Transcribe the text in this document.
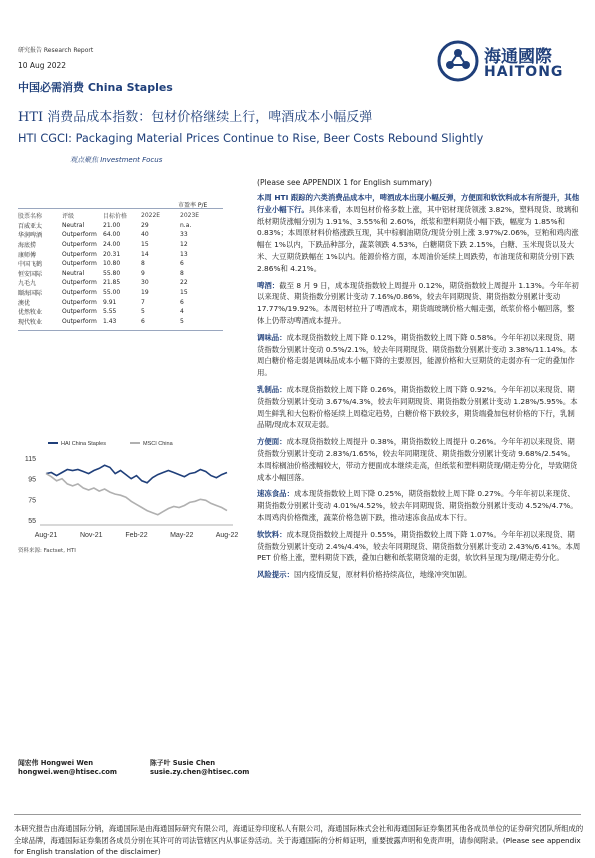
研究报告 Research Report
10 Aug 2022
中国必需消费 China Staples
HTI 消费品成本指数：包材价格继续上行，啤酒成本小幅反弹
HTI CGCI: Packaging Material Prices Continue to Rise, Beer Costs Rebound Slightly
观点聚焦 Investment Focus
海通國際
HAITONG
市盈率 P/E
股票名称	评级	目标价格	2022E	2023E
百威亚太	Neutral	21.00	29	n.a.
华润啤酒	Outperform	64.00	40	33
海底捞	Outperform	24.00	15	12
康师傅	Outperform	20.31	14	13
中国飞鹤	Outperform	10.80	8	6
恒安国际	Neutral	55.80	9	8
九毛九	Outperform	21.85	30	22
颐海国际	Outperform	55.00	19	15
澳优	Outperform	9.91	7	6
优然牧业	Outperform	5.55	5	4
现代牧业	Outperform	1.43	6	5
HAI China Staples	MSCI China
55
75
95
115
Aug-21	Nov-21	Feb-22	May-22	Aug-22
资料来源: Factset, HTI
(Please see APPENDIX 1 for English summary)

本周 HTI 跟踪的六类消费品成本中，啤酒成本出现小幅反弹，方便面和软饮料成本有所提升，其他行业小幅下行。具体来看，本周包材价格多数上涨，其中铝材现货领涨 3.82%，塑料现货、玻璃和纸材期货涨幅分别为 1.91%、3.55%和 2.60%，纸浆和塑料期货小幅下跌，幅度为 1.85%和 0.83%；本周原材料价格涨跌互现，其中棕榈油期货/现货分别上涨 3.97%/2.06%，豆粕和鸡肉涨幅在 1%以内，下跌品种部分，蔬菜领跌 4.53%，白糖期货下跌 2.15%，白糖、玉米现货以及大米、大豆期货跌幅在 1%以内。能源价格方面，本周油价延续上周跌势，布油现货和期货分别下跌 2.86%和 4.21%。

啤酒：截至 8 月 9 日，成本现货指数较上周提升 0.12%，期货指数较上周提升 1.13%。今年年初以来现货、期货指数分别累计变动 7.16%/0.86%，较去年同期现货、期货指数分别累计变动 17.77%/19.92%。本周铝材拉升了啤酒成本，期货端玻璃价格大幅走强，纸浆价格小幅回落，整体上仍带动啤酒成本提升。

调味品：成本现货指数较上周下降 0.12%，期货指数较上周下降 0.58%。今年年初以来现货、期货指数分别累计变动 0.5%/2.1%，较去年同期现货、期货指数分别累计变动 3.38%/11.14%。本周白糖价格走弱是调味品成本小幅下降的主要原因，能源价格和大豆期货的走弱亦有一定的叠加作用。

乳制品：成本现货指数较上周下降 0.26%，期货指数较上周下降 0.92%。今年年初以来现货、期货指数分别累计变动 3.67%/4.3%，较去年同期现货、期货指数分别累计变动 1.28%/5.95%。本周生鲜乳和大包粉价格延续上周稳定趋势，白糖价格下跌较多，期货端叠加包材价格的下行，乳制品期/现成本双双走弱。

方便面：成本现货指数较上周提升 0.38%，期货指数较上周提升 0.26%。今年年初以来现货、期货指数分别累计变动 2.83%/1.65%，较去年同期现货、期货指数分别累计变动 9.68%/2.54%。本周棕榈油价格涨幅较大，带动方便面成本继续走高，但纸浆和塑料期货现/期走势分化，导致期货成本小幅回落。

速冻食品：成本现货指数较上周下降 0.25%，期货指数较上周下降 0.27%。今年年初以来现货、期货指数分别累计变动 4.01%/4.52%，较去年同期现货、期货指数分别累计变动 4.52%/4.7%。本周鸡肉价格微涨，蔬菜价格急剧下跌，推动速冻食品成本下行。

软饮料：成本现货指数较上周提升 0.55%，期货指数较上周下降 1.07%。今年年初以来现货、期货指数分别累计变动 2.4%/4.4%，较去年同期现货、期货指数分别累计变动 2.43%/6.41%。本周 PET 价格上涨，塑料期货下跌，叠加白糖和纸浆期货端的走弱，软饮料呈现为现/期走势分化。

风险提示：国内疫情反复，原材料价格持续高位，地缘冲突加剧。

闻宏伟 Hongwei Wen
hongwei.wen@htisec.com
陈子叶 Susie Chen
susie.zy.chen@htisec.com
本研究报告由海通国际分销，海通国际是由海通国际研究有限公司，海通证券印度私人有限公司，海通国际株式会社和海通国际证券集团其他各成员单位的证券研究团队所组成的全球品牌，海通国际证券集团各成员分别在其许可的司法管辖区内从事证券活动。关于海通国际的分析师证明，重要披露声明和免责声明，请参阅附录。(Please see appendix for English translation of the disclaimer)
